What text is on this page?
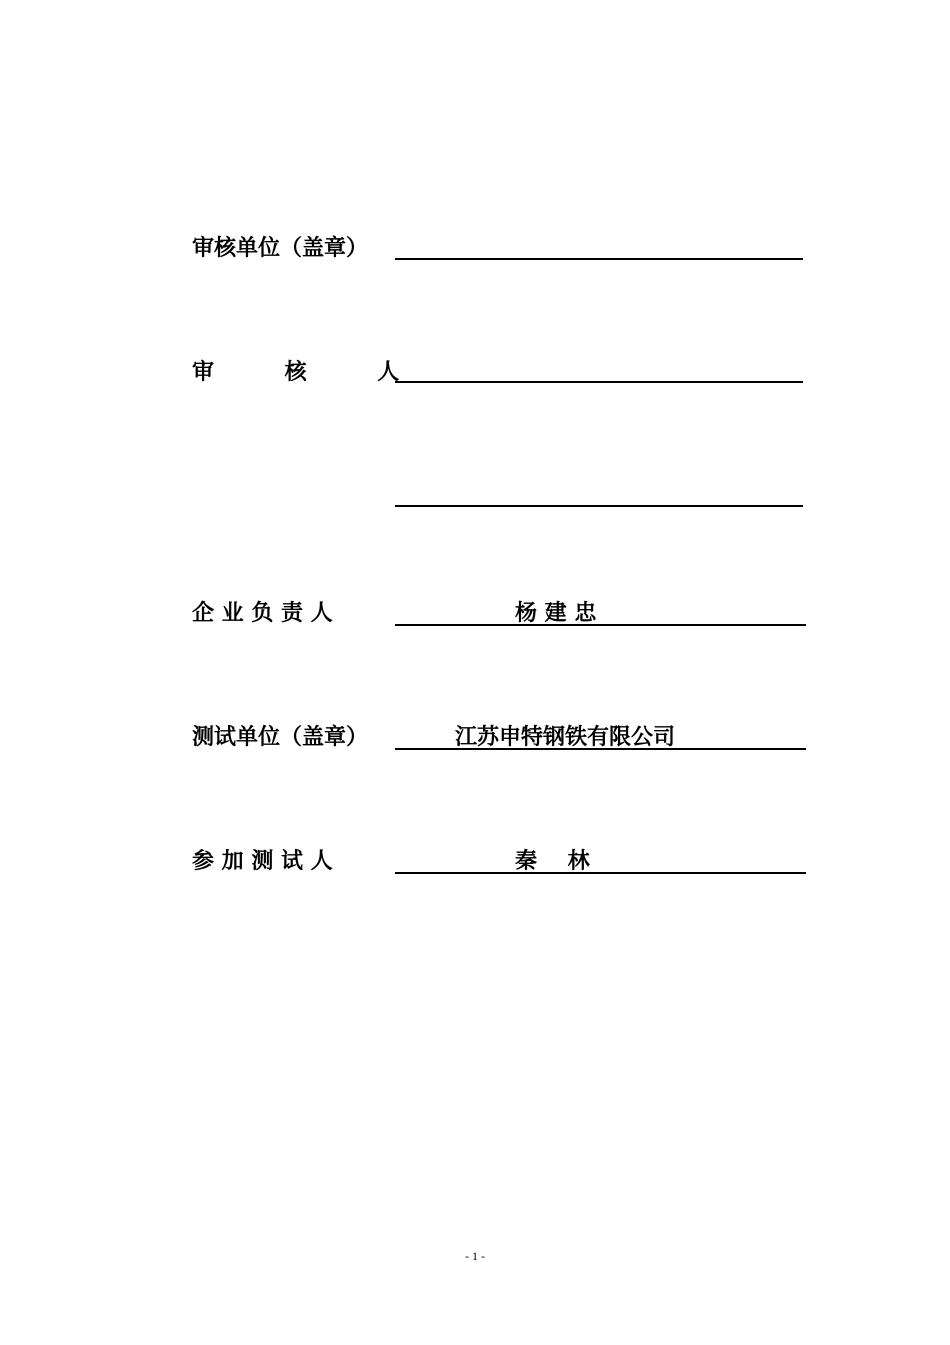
审核单位（盖章）
审    核    人
企 业 负 责 人	杨 建 忠
测试单位（盖章）	江苏申特钢铁有限公司
参 加 测 试 人	秦    林
- 1 -
